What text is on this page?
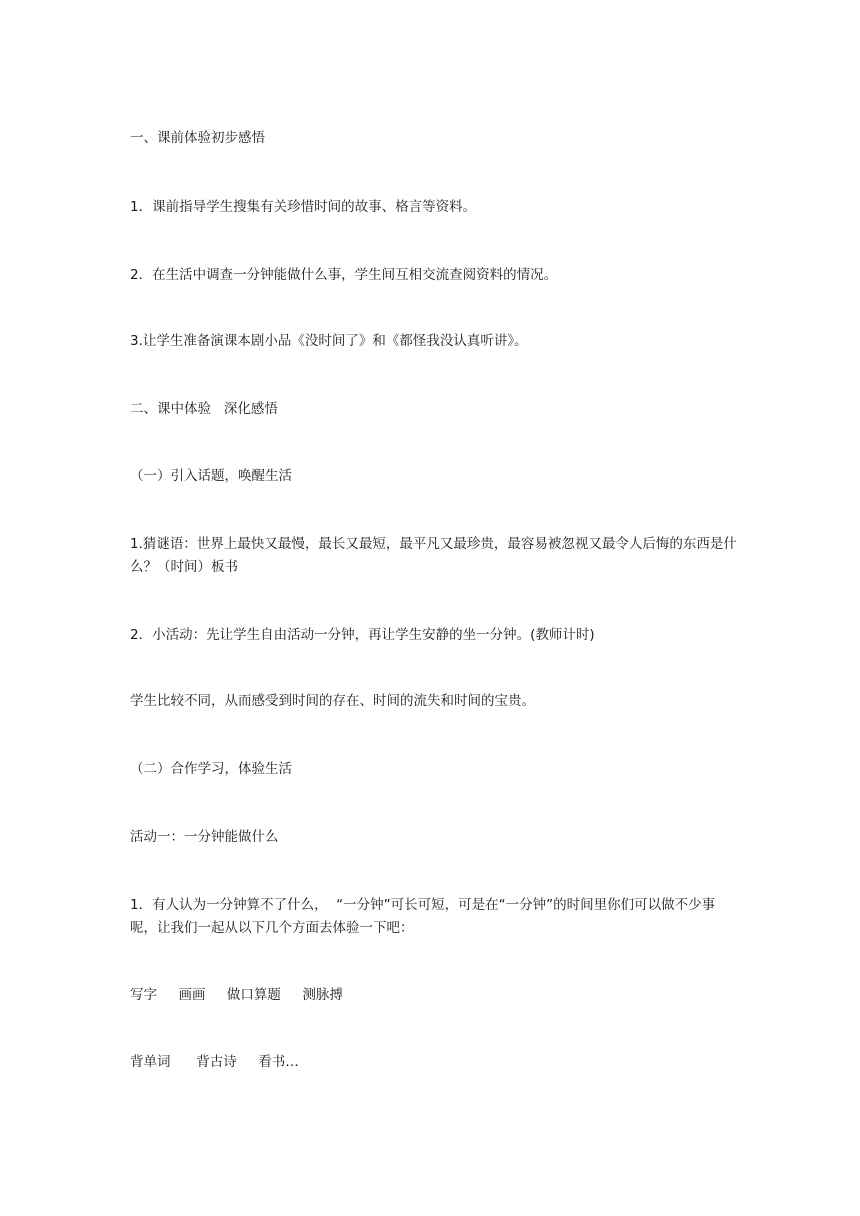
一、课前体验初步感悟

1．课前指导学生搜集有关珍惜时间的故事、格言等资料。

2．在生活中调查一分钟能做什么事，学生间互相交流查阅资料的情况。

3.让学生准备演课本剧小品《没时间了》和《都怪我没认真听讲》。

二、课中体验   深化感悟

（一）引入话题，唤醒生活

1.猜谜语：世界上最快又最慢，最长又最短，最平凡又最珍贵，最容易被忽视又最令人后悔的东西是什么？（时间）板书

2．小活动：先让学生自由活动一分钟，再让学生安静的坐一分钟。(教师计时)

学生比较不同，从而感受到时间的存在、时间的流失和时间的宝贵。

（二）合作学习，体验生活

活动一：一分钟能做什么

1．有人认为一分钟算不了什么，  “一分钟”可长可短，可是在“一分钟”的时间里你们可以做不少事呢，让我们一起从以下几个方面去体验一下吧：

写字     画画     做口算题     测脉搏

背单词      背古诗     看书…
